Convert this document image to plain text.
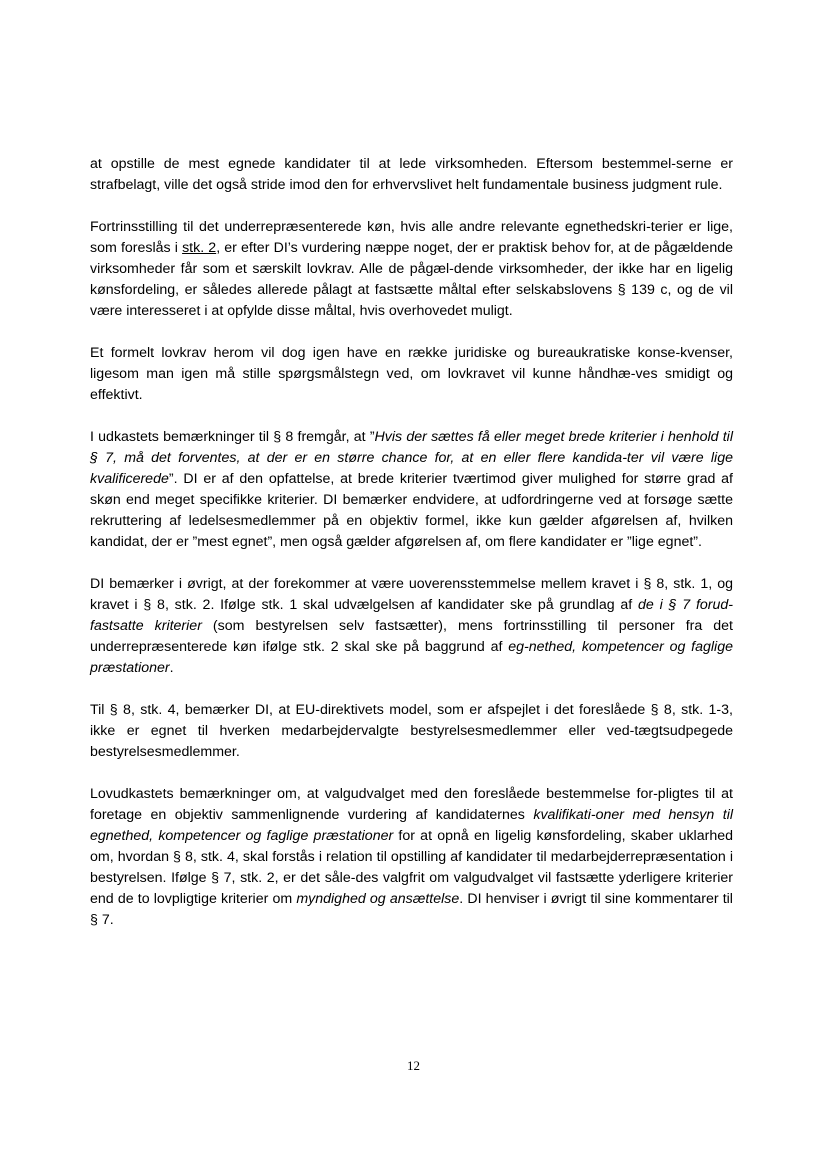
at opstille de mest egnede kandidater til at lede virksomheden. Eftersom bestemmel-serne er strafbelagt, ville det også stride imod den for erhvervslivet helt fundamentale business judgment rule.

Fortrinsstilling til det underrepræsenterede køn, hvis alle andre relevante egnethedskri-terier er lige, som foreslås i stk. 2, er efter DI’s vurdering næppe noget, der er praktisk behov for, at de pågældende virksomheder får som et særskilt lovkrav. Alle de pågæl-dende virksomheder, der ikke har en ligelig kønsfordeling, er således allerede pålagt at fastsætte måltal efter selskabslovens § 139 c, og de vil være interesseret i at opfylde disse måltal, hvis overhovedet muligt.

Et formelt lovkrav herom vil dog igen have en række juridiske og bureaukratiske konse-kvenser, ligesom man igen må stille spørgsmålstegn ved, om lovkravet vil kunne håndhæ-ves smidigt og effektivt.

I udkastets bemærkninger til § 8 fremgår, at ”Hvis der sættes få eller meget brede kriterier i henhold til § 7, må det forventes, at der er en større chance for, at en eller flere kandida-ter vil være lige kvalificerede”. DI er af den opfattelse, at brede kriterier tværtimod giver mulighed for større grad af skøn end meget specifikke kriterier. DI bemærker endvidere, at udfordringerne ved at forsøge sætte rekruttering af ledelsesmedlemmer på en objektiv formel, ikke kun gælder afgørelsen af, hvilken kandidat, der er ”mest egnet”, men også gælder afgørelsen af, om flere kandidater er ”lige egnet”.

DI bemærker i øvrigt, at der forekommer at være uoverensstemmelse mellem kravet i § 8, stk. 1, og kravet i § 8, stk. 2. Ifølge stk. 1 skal udvælgelsen af kandidater ske på grundlag af de i § 7 forud-fastsatte kriterier (som bestyrelsen selv fastsætter), mens fortrinsstilling til personer fra det underrepræsenterede køn ifølge stk. 2 skal ske på baggrund af eg-nethed, kompetencer og faglige præstationer.

Til § 8, stk. 4, bemærker DI, at EU-direktivets model, som er afspejlet i det foreslåede § 8, stk. 1-3, ikke er egnet til hverken medarbejdervalgte bestyrelsesmedlemmer eller ved-tægtsudpegede bestyrelsesmedlemmer.

Lovudkastets bemærkninger om, at valgudvalget med den foreslåede bestemmelse for-pligtes til at foretage en objektiv sammenlignende vurdering af kandidaternes kvalifikati-oner med hensyn til egnethed, kompetencer og faglige præstationer for at opnå en ligelig kønsfordeling, skaber uklarhed om, hvordan § 8, stk. 4, skal forstås i relation til opstilling af kandidater til medarbejderrepræsentation i bestyrelsen. Ifølge § 7, stk. 2, er det såle-des valgfrit om valgudvalget vil fastsætte yderligere kriterier end de to lovpligtige kriterier om myndighed og ansættelse. DI henviser i øvrigt til sine kommentarer til § 7.

12
